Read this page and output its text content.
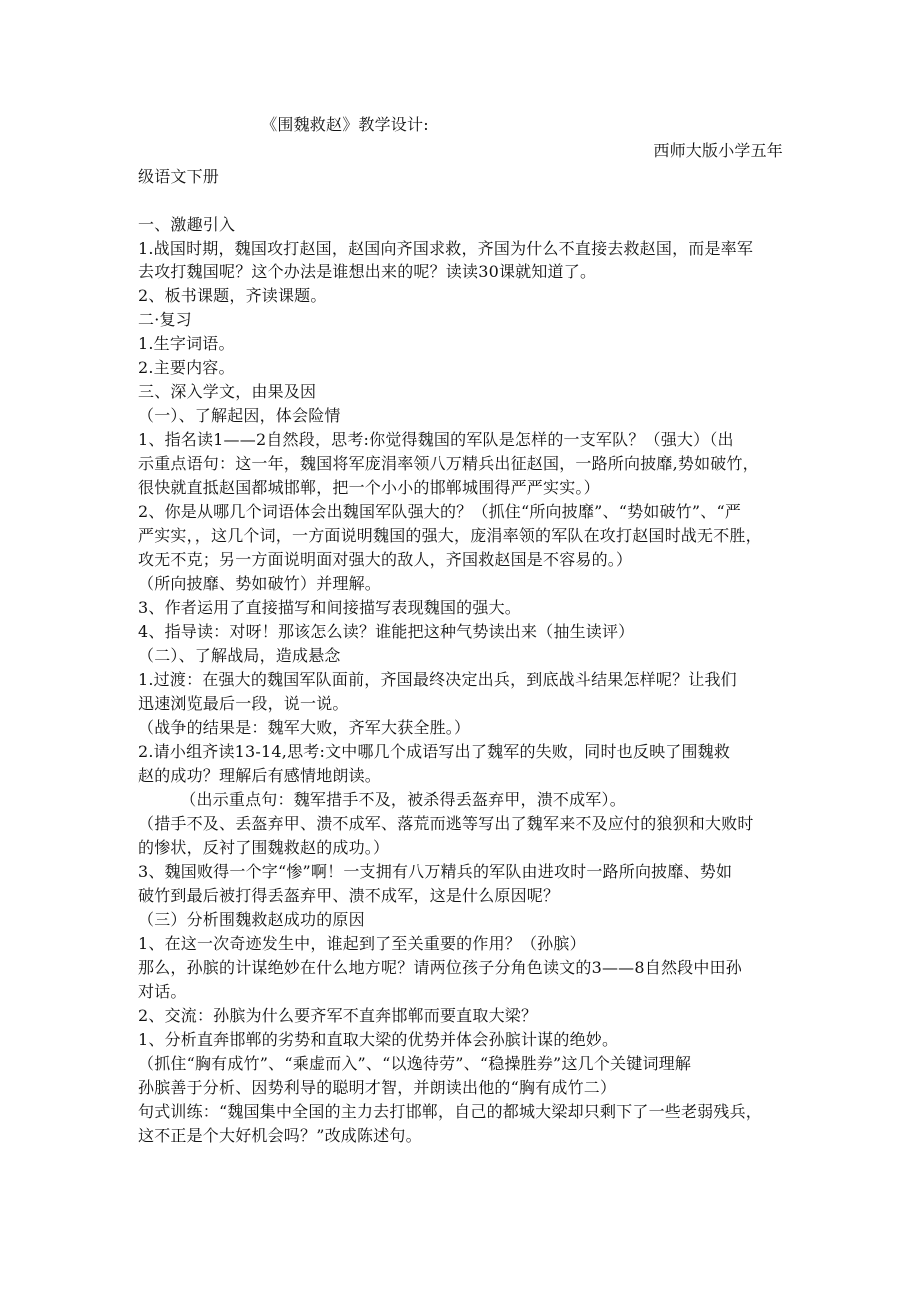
《围魏救赵》教学设计:
西师大版小学五年
级语文下册
一、激趣引入
1.战国时期，魏国攻打赵国，赵国向齐国求救，齐国为什么不直接去救赵国，而是率军
去攻打魏国呢？这个办法是谁想出来的呢？读读30课就知道了。
2、板书课题，齐读课题。
二·复习
1.生字词语。
2.主要内容。
三、深入学文，由果及因
（一）、了解起因，体会险情
1、指名读1——2自然段，思考:你觉得魏国的军队是怎样的一支军队？（强大）（出
示重点语句：这一年，魏国将军庞涓率领八万精兵出征赵国，一路所向披靡,势如破竹，
很快就直抵赵国都城邯郸，把一个小小的邯郸城围得严严实实。）
2、你是从哪几个词语体会出魏国军队强大的？（抓住“所向披靡”、“势如破竹”、“严
严实实，，这几个词，一方面说明魏国的强大，庞涓率领的军队在攻打赵国时战无不胜，
攻无不克；另一方面说明面对强大的敌人，齐国救赵国是不容易的。）
（所向披靡、势如破竹）并理解。
3、作者运用了直接描写和间接描写表现魏国的强大。
4、指导读：对呀！那该怎么读？谁能把这种气势读出来（抽生读评）
（二）、了解战局，造成悬念
1.过渡：在强大的魏国军队面前，齐国最终决定出兵，到底战斗结果怎样呢？让我们
迅速浏览最后一段，说一说。
（战争的结果是：魏军大败，齐军大获全胜。）
2.请小组齐读13-14,思考:文中哪几个成语写出了魏军的失败，同时也反映了围魏救
赵的成功？理解后有感情地朗读。
（出示重点句：魏军措手不及，被杀得丢盔弃甲，溃不成军）。
（措手不及、丢盔弃甲、溃不成军、落荒而逃等写出了魏军来不及应付的狼狈和大败时
的惨状，反衬了围魏救赵的成功。）
3、魏国败得一个字“惨”啊！一支拥有八万精兵的军队由进攻时一路所向披靡、势如
破竹到最后被打得丢盔弃甲、溃不成军，这是什么原因呢？
（三）分析围魏救赵成功的原因
1、在这一次奇迹发生中，谁起到了至关重要的作用？（孙膑）
那么，孙膑的计谋绝妙在什么地方呢？请两位孩子分角色读文的3——8自然段中田孙
对话。
2、交流：孙膑为什么要齐军不直奔邯郸而要直取大梁？
1、分析直奔邯郸的劣势和直取大梁的优势并体会孙膑计谋的绝妙。
（抓住“胸有成竹”、“乘虚而入”、“以逸待劳”、“稳操胜券”这几个关键词理解
孙膑善于分析、因势利导的聪明才智，并朗读出他的“胸有成竹二）
句式训练：“魏国集中全国的主力去打邯郸，自己的都城大梁却只剩下了一些老弱残兵，
这不正是个大好机会吗？”改成陈述句。
